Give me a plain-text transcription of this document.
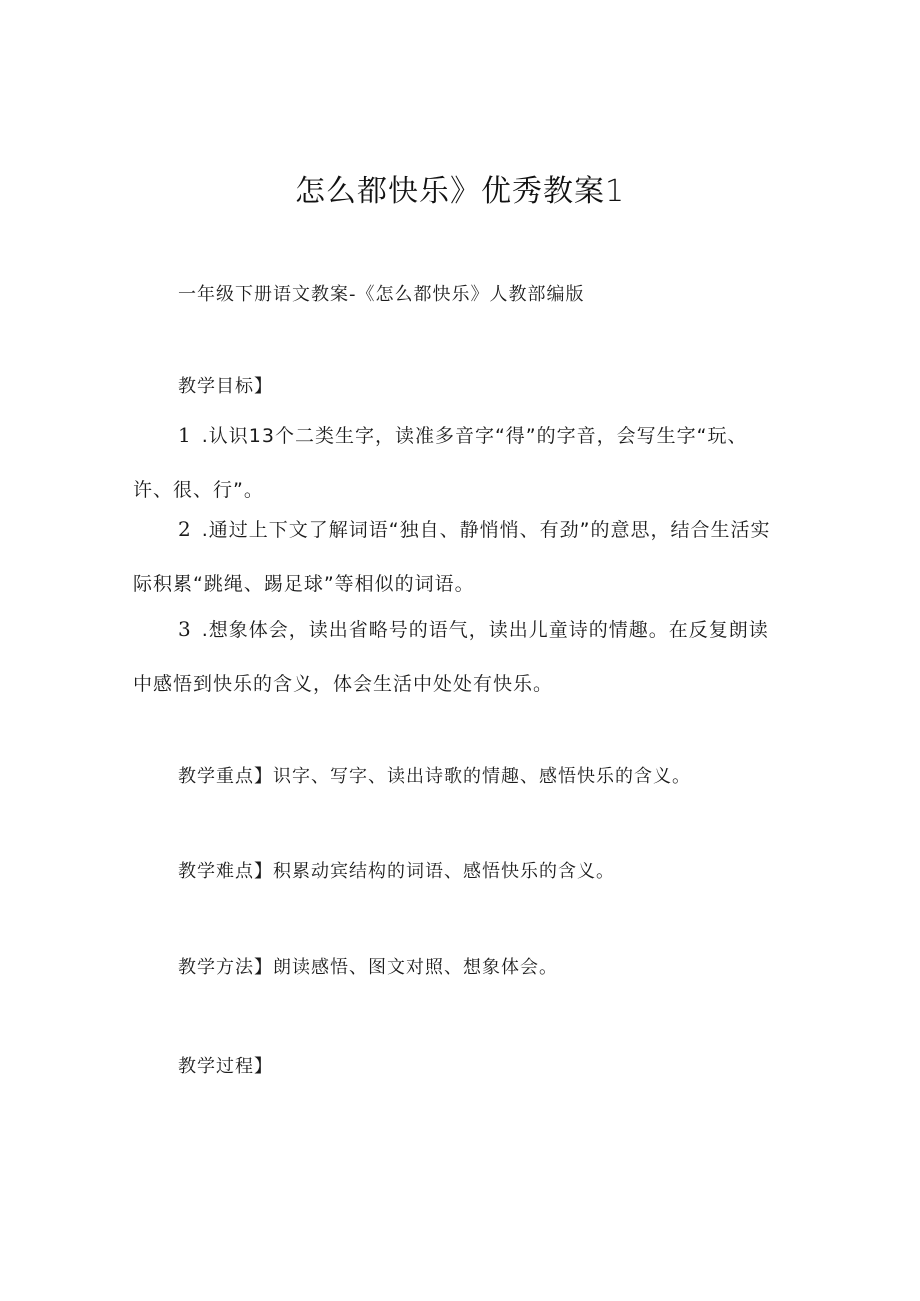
怎么都快乐》优秀教案1
一年级下册语文教案-《怎么都快乐》人教部编版
教学目标】
1 .认识13个二类生字，读准多音字“得”的字音，会写生字“玩、
许、很、行”。
2 .通过上下文了解词语“独自、静悄悄、有劲”的意思，结合生活实
际积累“跳绳、踢足球”等相似的词语。
3 .想象体会，读出省略号的语气，读出儿童诗的情趣。在反复朗读
中感悟到快乐的含义，体会生活中处处有快乐。
教学重点】识字、写字、读出诗歌的情趣、感悟快乐的含义。
教学难点】积累动宾结构的词语、感悟快乐的含义。
教学方法】朗读感悟、图文对照、想象体会。
教学过程】
